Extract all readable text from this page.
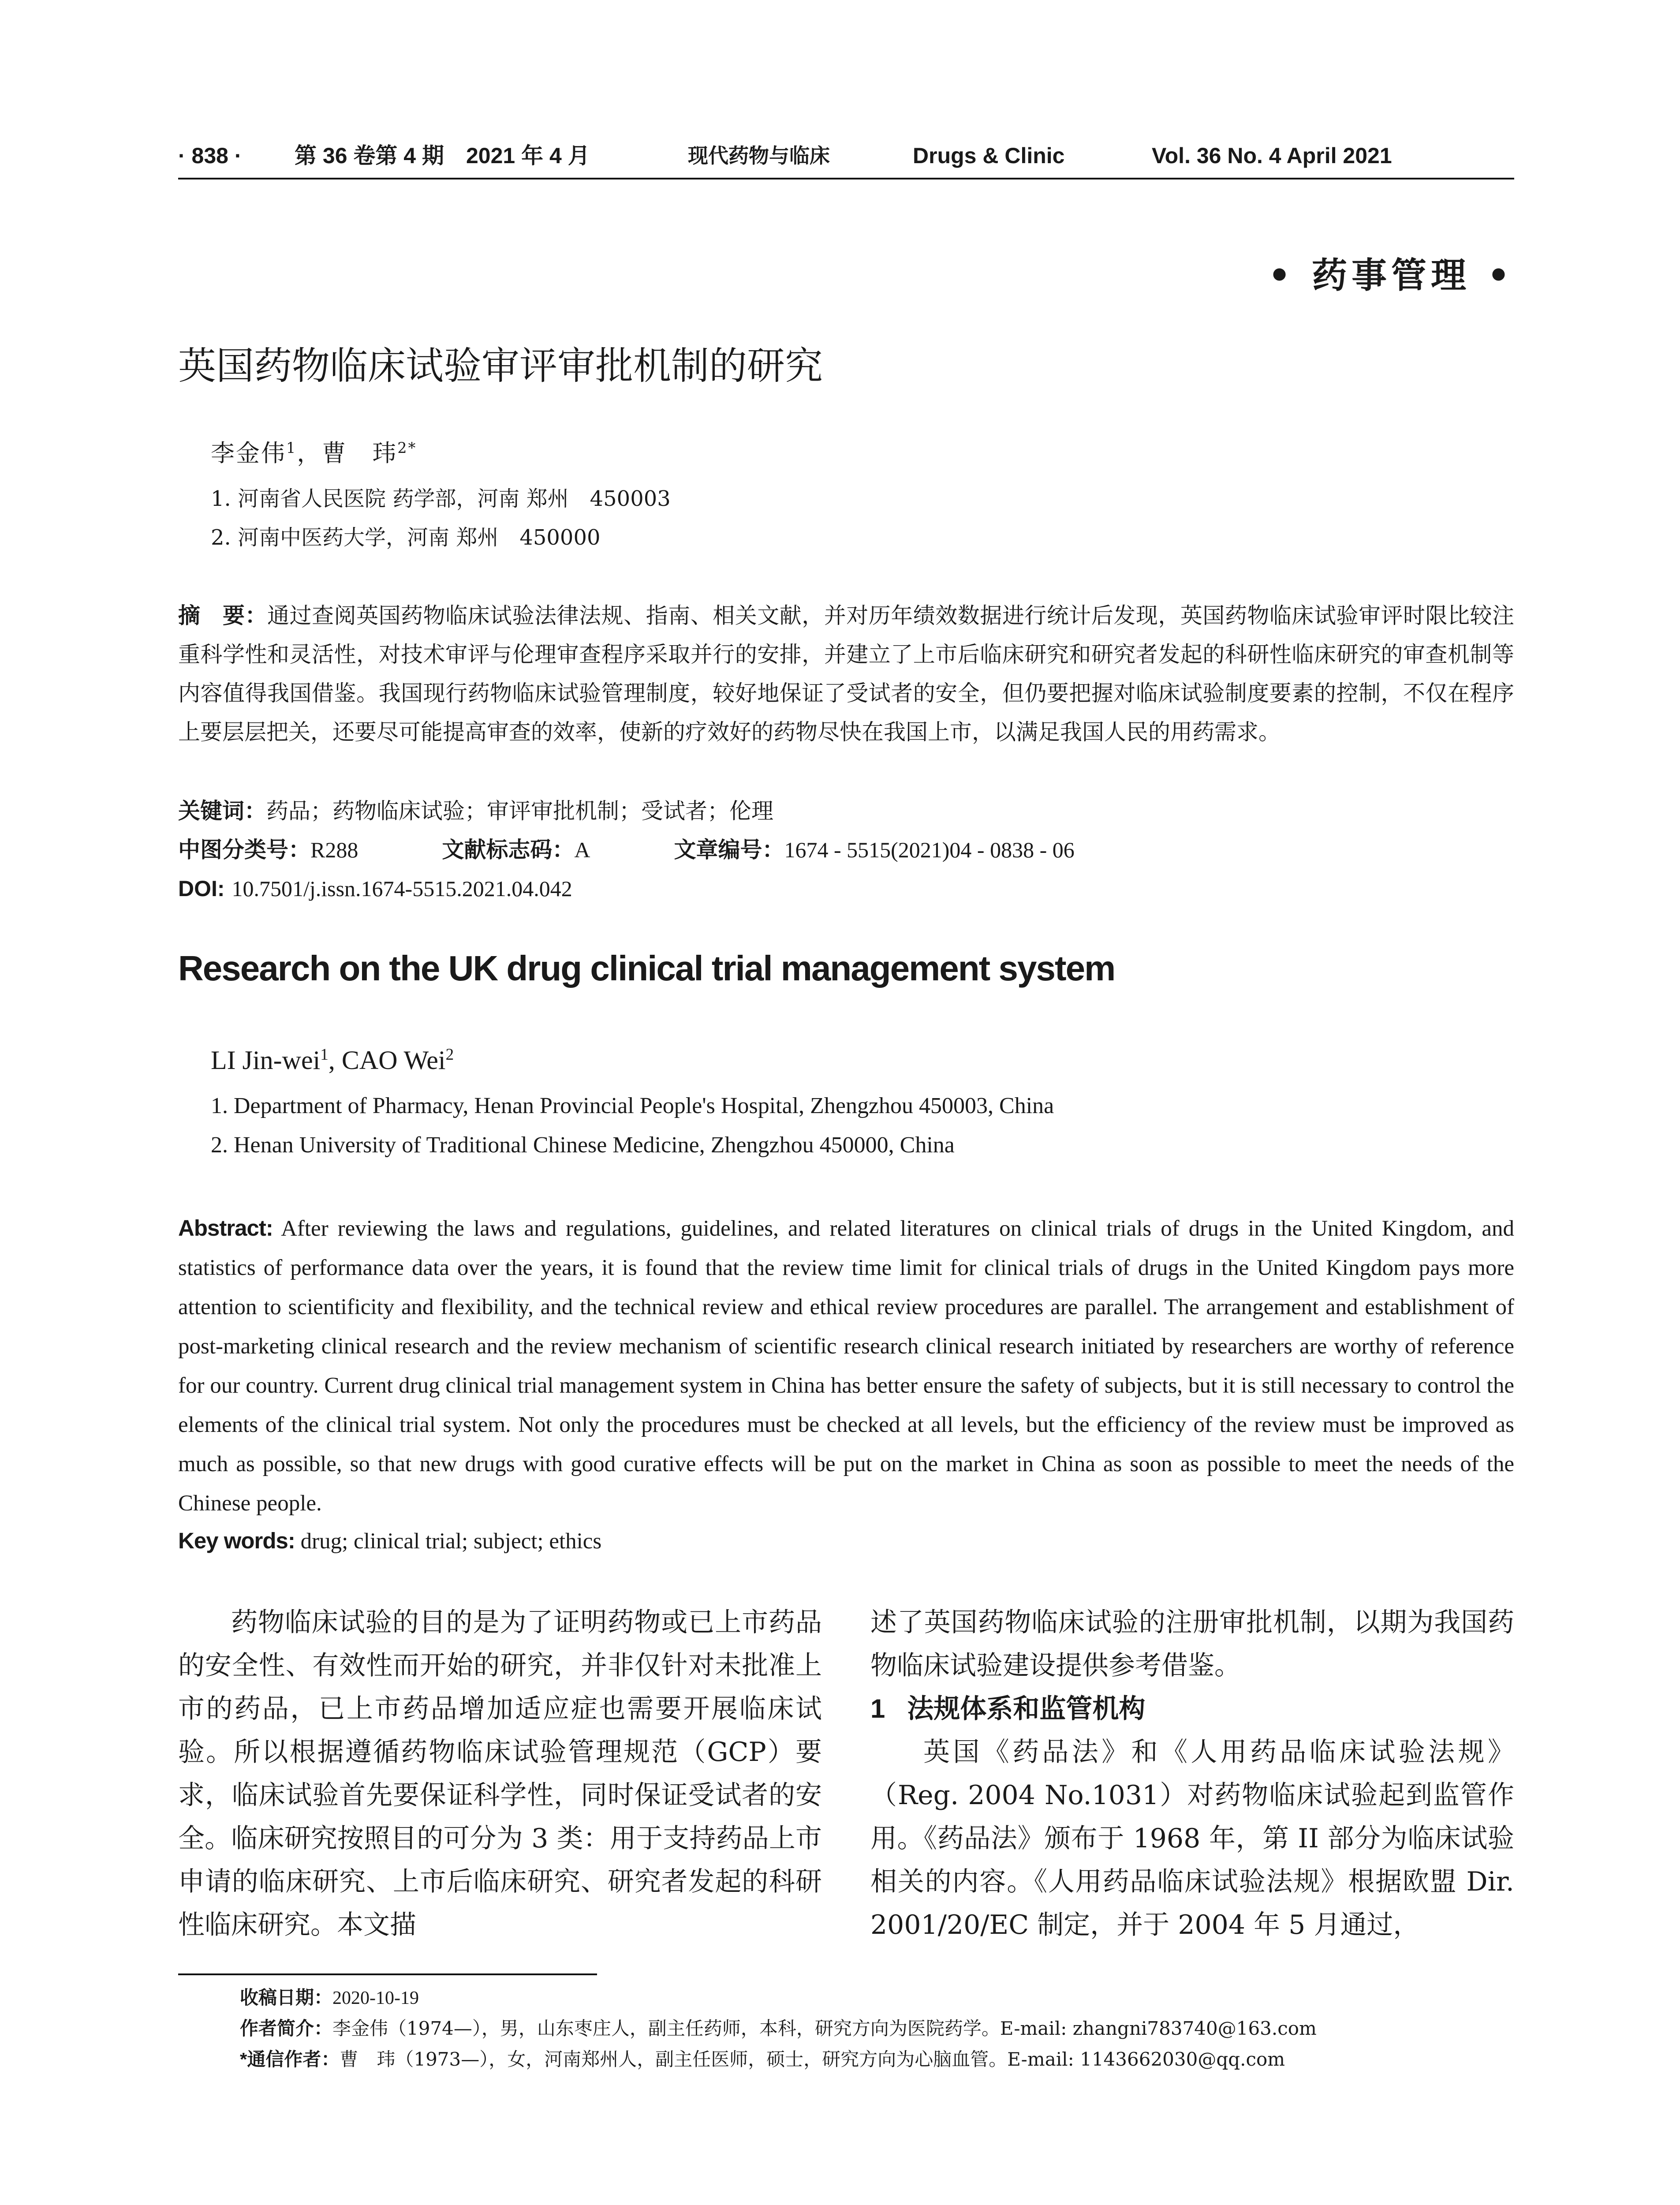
· 838 · 第 36 卷第 4 期　2021 年 4 月	现代药物与临床	Drugs & Clinic	Vol. 36 No. 4 April 2021
• 药事管理 •
英国药物临床试验审评审批机制的研究
李金伟$^1$，曹　玮$^{2*}$
1. 河南省人民医院 药学部，河南 郑州　450003
2. 河南中医药大学，河南 郑州　450000
摘　要：通过查阅英国药物临床试验法律法规、指南、相关文献，并对历年绩效数据进行统计后发现，英国药物临床试验审评时限比较注重科学性和灵活性，对技术审评与伦理审查程序采取并行的安排，并建立了上市后临床研究和研究者发起的科研性临床研究的审查机制等内容值得我国借鉴。我国现行药物临床试验管理制度，较好地保证了受试者的安全，但仍要把握对临床试验制度要素的控制，不仅在程序上要层层把关，还要尽可能提高审查的效率，使新的疗效好的药物尽快在我国上市，以满足我国人民的用药需求。
关键词：药品；药物临床试验；审评审批机制；受试者；伦理
中图分类号：R288	文献标志码：A	文章编号：1674 - 5515(2021)04 - 0838 - 06
DOI: 10.7501/j.issn.1674-5515.2021.04.042
Research on the UK drug clinical trial management system
LI Jin-wei$^1$, CAO Wei$^2$
1. Department of Pharmacy, Henan Provincial People's Hospital, Zhengzhou 450003, China
2. Henan University of Traditional Chinese Medicine, Zhengzhou 450000, China
Abstract: After reviewing the laws and regulations, guidelines, and related literatures on clinical trials of drugs in the United Kingdom, and statistics of performance data over the years, it is found that the review time limit for clinical trials of drugs in the United Kingdom pays more attention to scientificity and flexibility, and the technical review and ethical review procedures are parallel. The arrangement and establishment of post-marketing clinical research and the review mechanism of scientific research clinical research initiated by researchers are worthy of reference for our country. Current drug clinical trial management system in China has better ensure the safety of subjects, but it is still necessary to control the elements of the clinical trial system. Not only the procedures must be checked at all levels, but the efficiency of the review must be improved as much as possible, so that new drugs with good curative effects will be put on the market in China as soon as possible to meet the needs of the Chinese people.
Key words: drug; clinical trial; subject; ethics

药物临床试验的目的是为了证明药物或已上市药品的安全性、有效性而开始的研究，并非仅针对未批准上市的药品，已上市药品增加适应症也需要开展临床试验。所以根据遵循药物临床试验管理规范（GCP）要求，临床试验首先要保证科学性，同时保证受试者的安全。临床研究按照目的可分为 3 类：用于支持药品上市申请的临床研究、上市后临床研究、研究者发起的科研性临床研究。本文描

述了英国药物临床试验的注册审批机制，以期为我国药物临床试验建设提供参考借鉴。

1 法规体系和监管机构

英国《药品法》和《人用药品临床试验法规》（Reg. 2004 No.1031）对药物临床试验起到监管作用。《药品法》颁布于 1968 年，第 II 部分为临床试验相关的内容。《人用药品临床试验法规》根据欧盟 Dir. 2001/20/EC 制定，并于 2004 年 5 月通过，

收稿日期：2020-10-19
作者简介：李金伟（1974—），男，山东枣庄人，副主任药师，本科，研究方向为医院药学。E-mail: zhangni783740@163.com
*通信作者：曹　玮（1973—），女，河南郑州人，副主任医师，硕士，研究方向为心脑血管。E-mail: 1143662030@qq.com
